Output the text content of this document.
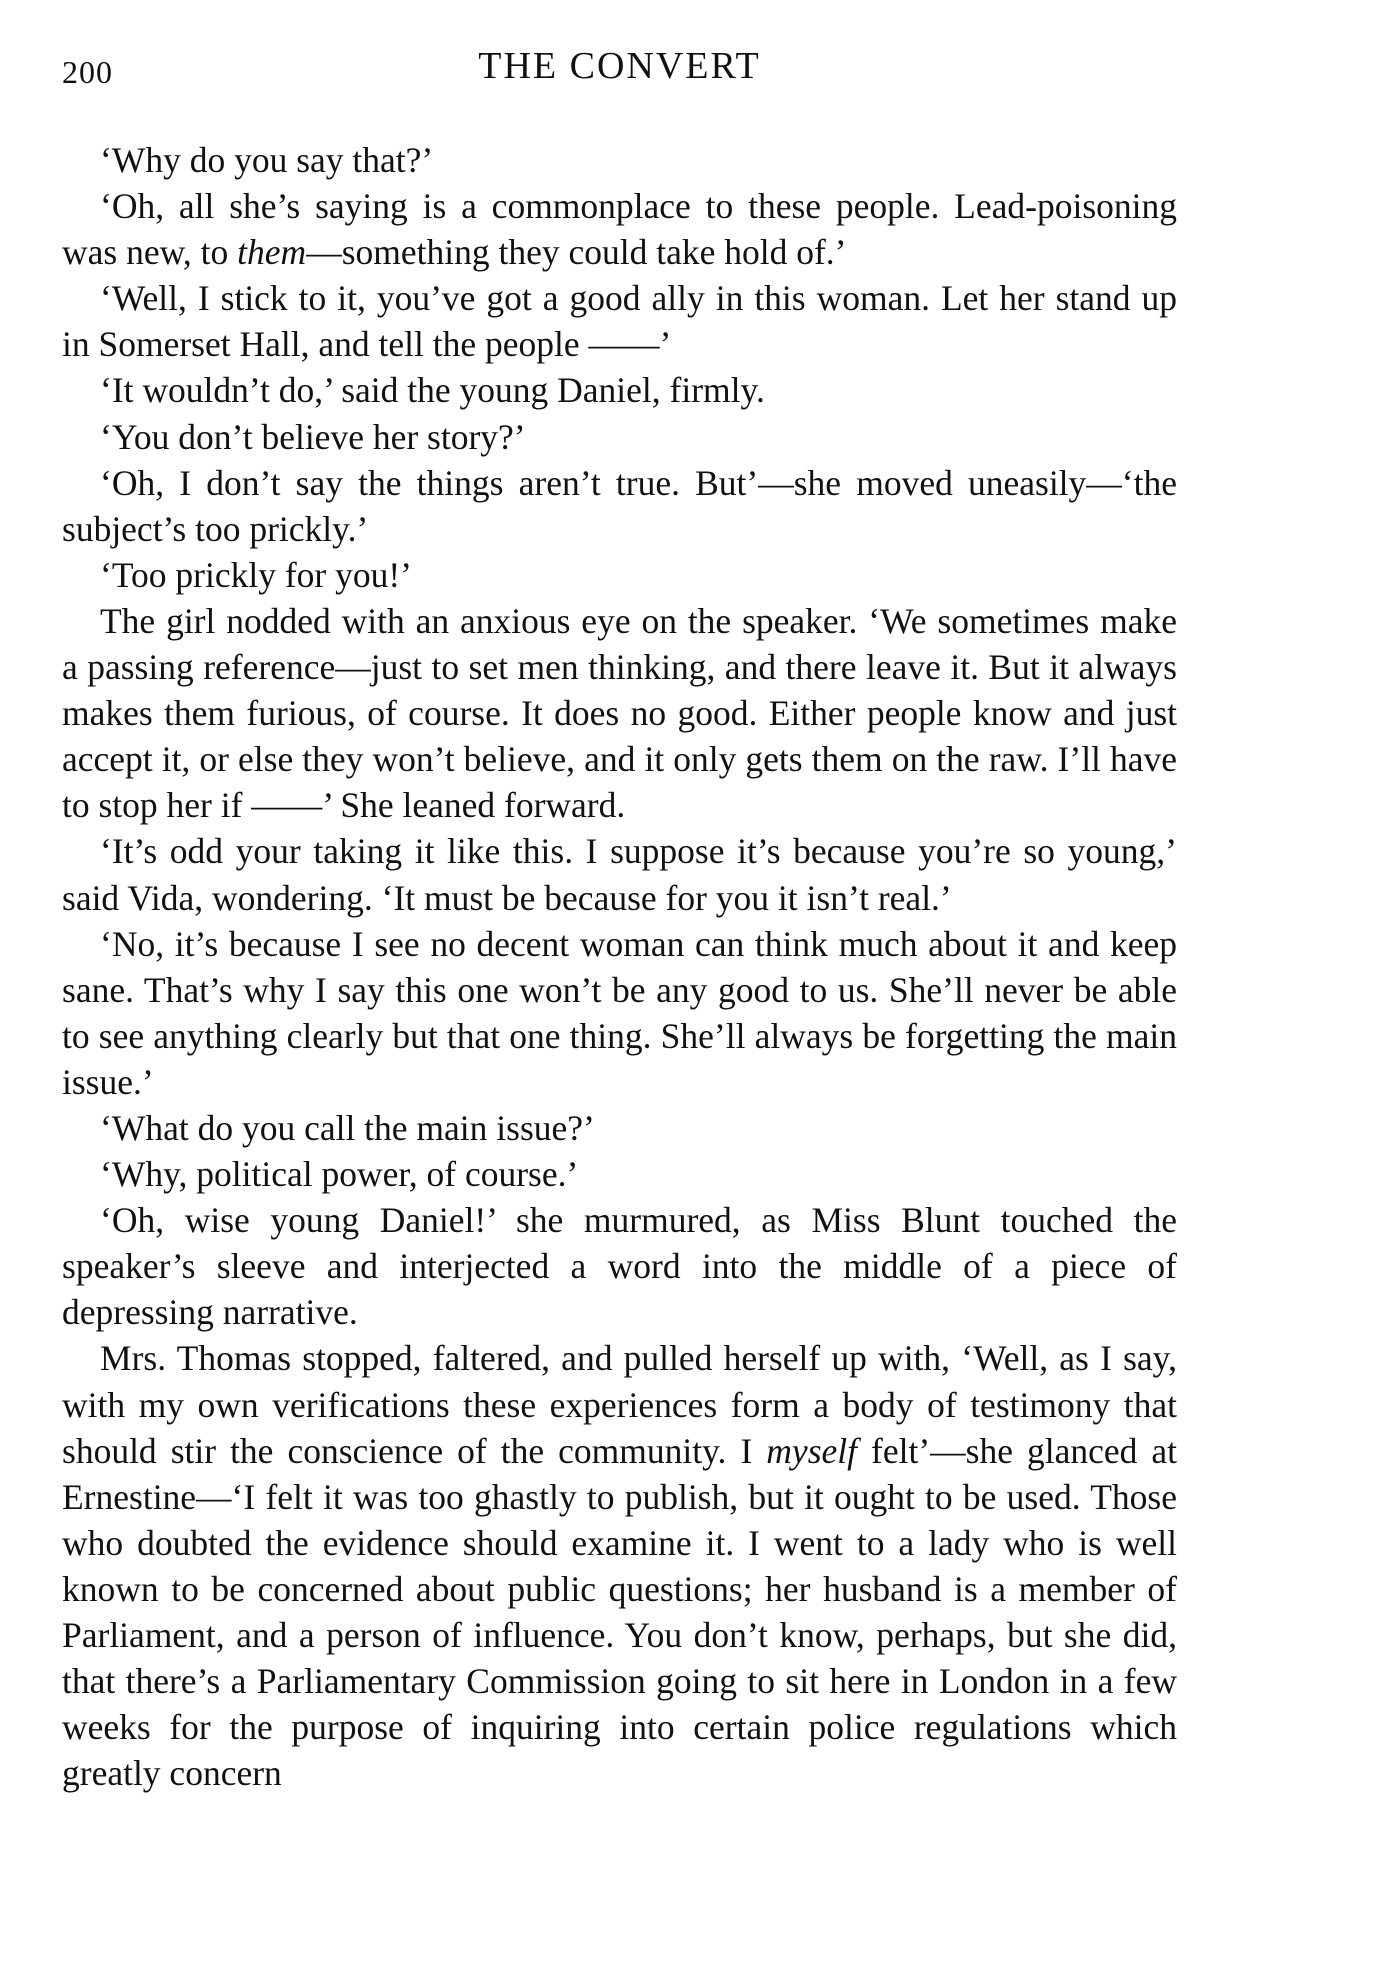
200	THE CONVERT

‘Why do you say that?’

‘Oh, all she’s saying is a commonplace to these people. Lead-poisoning was new, to them—something they could take hold of.’

‘Well, I stick to it, you’ve got a good ally in this woman. Let her stand up in Somerset Hall, and tell the people ——’

‘It wouldn’t do,’ said the young Daniel, firmly.

‘You don’t believe her story?’

‘Oh, I don’t say the things aren’t true. But’—she moved uneasily—‘the subject’s too prickly.’

‘Too prickly for you!’

The girl nodded with an anxious eye on the speaker. ‘We sometimes make a passing reference—just to set men thinking, and there leave it. But it always makes them furious, of course. It does no good. Either people know and just accept it, or else they won’t believe, and it only gets them on the raw. I’ll have to stop her if ——’ She leaned forward.

‘It’s odd your taking it like this. I suppose it’s because you’re so young,’ said Vida, wondering. ‘It must be because for you it isn’t real.’

‘No, it’s because I see no decent woman can think much about it and keep sane. That’s why I say this one won’t be any good to us. She’ll never be able to see anything clearly but that one thing. She’ll always be forgetting the main issue.’

‘What do you call the main issue?’

‘Why, political power, of course.’

‘Oh, wise young Daniel!’ she murmured, as Miss Blunt touched the speaker’s sleeve and interjected a word into the middle of a piece of depressing narrative.

Mrs. Thomas stopped, faltered, and pulled herself up with, ‘Well, as I say, with my own verifications these experiences form a body of testimony that should stir the conscience of the community. I myself felt’—she glanced at Ernestine—‘I felt it was too ghastly to publish, but it ought to be used. Those who doubted the evidence should examine it. I went to a lady who is well known to be concerned about public questions; her husband is a member of Parliament, and a person of influence. You don’t know, perhaps, but she did, that there’s a Parliamentary Commission going to sit here in London in a few weeks for the purpose of inquiring into certain police regulations which greatly concern
